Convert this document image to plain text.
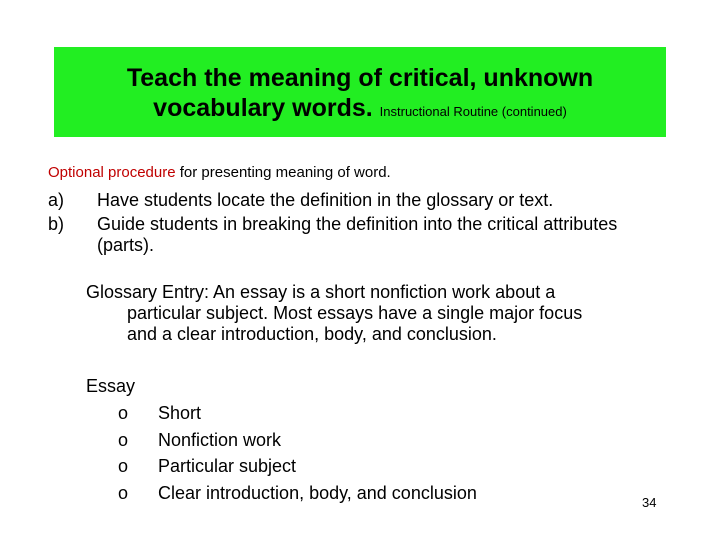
Teach the meaning of critical, unknown
vocabulary words. Instructional Routine (continued)
Optional procedure for presenting meaning of word.
a) Have students locate the definition in the glossary or text.
b) Guide students in breaking the definition into the critical attributes (parts).
Glossary Entry: An essay is a short nonfiction work about a
particular subject. Most essays have a single major focus
and a clear introduction, body, and conclusion.
Essay
o Short
o Nonfiction work
o Particular subject
o Clear introduction, body, and conclusion	34
